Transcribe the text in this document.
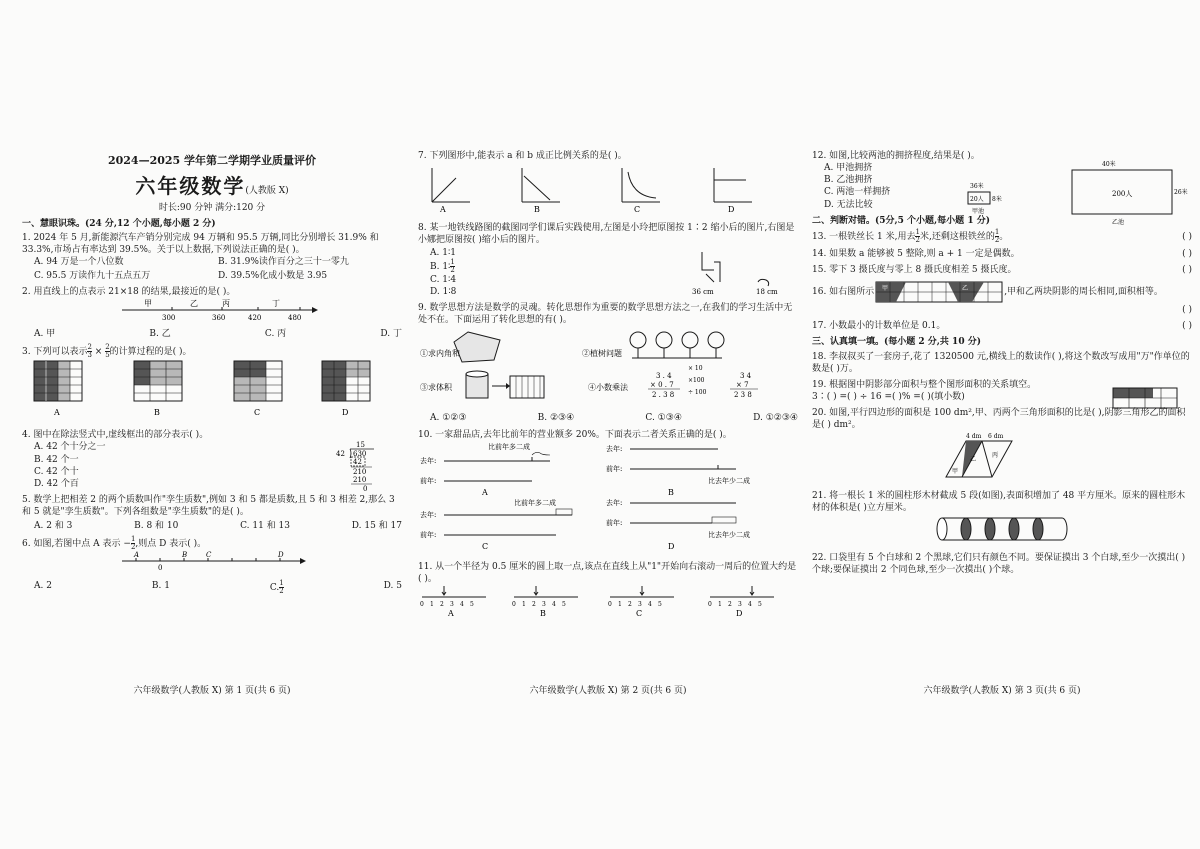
2024—2025 学年第二学期学业质量评价
六年级数学(人教版 X)
时长:90 分钟 满分:120 分
一、慧眼识珠。(24 分,12 个小题,每小题 2 分)
1. 2024 年 5 月,新能源汽车产销分别完成 94 万辆和 95.5 万辆,同比分别增长 31.9% 和 33.3%,市场占有率达到 39.5%。关于以上数据,下列说法正确的是( )。
A. 94 万是一个八位数	B. 31.9%读作百分之三十一零九
C. 95.5 万读作九十五点五万	D. 39.5%化成小数是 3.95
2. 用直线上的点表示 21×18 的结果,最接近的是( )。
甲	乙	丙	丁
300	360	420	480
A. 甲	B. 乙	C. 丙	D. 丁
3. 下列可以表示 $\frac{2}{3} \times \frac{2}{5}$ 的计算过程的是( )。
A	B	C	D
4. 图中在除法竖式中,虚线框出的部分表示( )。
A. 42 个十分之一
B. 42 个一
C. 42 个十
D. 42 个百
15
42 630
42
210
210
0
5. 数学上把相差 2 的两个质数叫作"孪生质数",例如 3 和 5 都是质数,且 5 和 3 相差 2,那么 3 和 5 就是"孪生质数"。下列各组数是"孪生质数"的是( )。
A. 2 和 3	B. 8 和 10	C. 11 和 13	D. 15 和 17
6. 如图,若图中点 A 表示 − $\frac{1}{2}$ ,则点 D 表示( )。
A
0
B	C	D
A. 2	B. 1	C. $\frac{1}{2}$	D. 5
六年级数学(人教版 X) 第 1 页(共 6 页)
7. 下列图形中,能表示 a 和 b 成正比例关系的是( )。
A	B	C	D
8. 某一地铁线路图的截图同学们课后实践使用,左图是小玲把原图按 1∶2 缩小后的图片,右图是小娜把原图按( )缩小后的图片。
A. 1∶1
B. 1∶ $\frac{1}{2}$
C. 1∶4
D. 1∶8	36 cm	18 cm
9. 数学思想方法是数学的灵魂。转化思想作为重要的数学思想方法之一,在我们的学习生活中无处不在。下面运用了转化思想的有( )。
①求内角和	②植树问题
③求体积	④小数乘法
3 . 4
× 0 . 7
2 . 3 8
× 10
×100
÷ 100
3 4
× 7
2 3 8
A. ①②③	B. ②③④	C. ①③④	D. ①②③④
10. 一家甜品店,去年比前年的营业额多 20%。下面表示二者关系正确的是( )。
比前年多二成
去年:
前年:
A
去年:
前年:
比去年少二成
B
比前年多二成
去年:
前年:
C
去年:
前年:
比去年少二成
D
11. 从一个半径为 0.5 厘米的圆上取一点,该点在直线上从"1"开始向右滚动一周后的位置大约是( )。
0 1 2 3 4 5
A
0 1 2 3 4 5
B
0 1 2 3 4 5
C
0 1 2 3 4 5
D
六年级数学(人教版 X) 第 2 页(共 6 页)
12. 如图,比较两池的拥挤程度,结果是( )。
A. 甲池拥挤
B. 乙池拥挤
C. 两池一样拥挤
D. 无法比较
36米
20人 8米
甲池
40米
200人	26米
乙池
二、判断对错。(5分,5 个小题,每小题 1 分)
13. 一根铁丝长 1 米,用去 $\frac{1}{2}$ 米,还剩这根铁丝的 $\frac{1}{2}$ 。	( )
14. 如果数 a 能够被 5 整除,则 a + 1 一定是偶数。	( )
15. 零下 3 摄氏度与零上 8 摄氏度相差 5 摄氏度。	( )
16. 如右图所示 甲	乙	,甲和乙两块阴影的周长相同,面积相等。
( )
17. 小数最小的计数单位是 0.1。	( )
三、认真填一填。(每小题 2 分,共 10 分)
18. 李叔叔买了一套房子,花了 1320500 元,横线上的数读作( ),将这个数改写成用"万"作单位的数是( )万。
19. 根据图中阴影部分面积与整个图形面积的关系填空。
3∶( ) =( ) ÷ 16 =( )% =( )(填小数)
20. 如图,平行四边形的面积是 100 dm²,甲、丙两个三角形面积的比是( ),阴影三角形乙的面积是( ) dm²。
4 dm 6 dm
甲
乙
丙
21. 将一根长 1 米的圆柱形木材截成 5 段(如图),表面积增加了 48 平方厘米。原来的圆柱形木材的体积是( )立方厘米。
22. 口袋里有 5 个白球和 2 个黑球,它们只有颜色不同。要保证摸出 3 个白球,至少一次摸出( )个球;要保证摸出 2 个同色球,至少一次摸出( )个球。
六年级数学(人教版 X) 第 3 页(共 6 页)
